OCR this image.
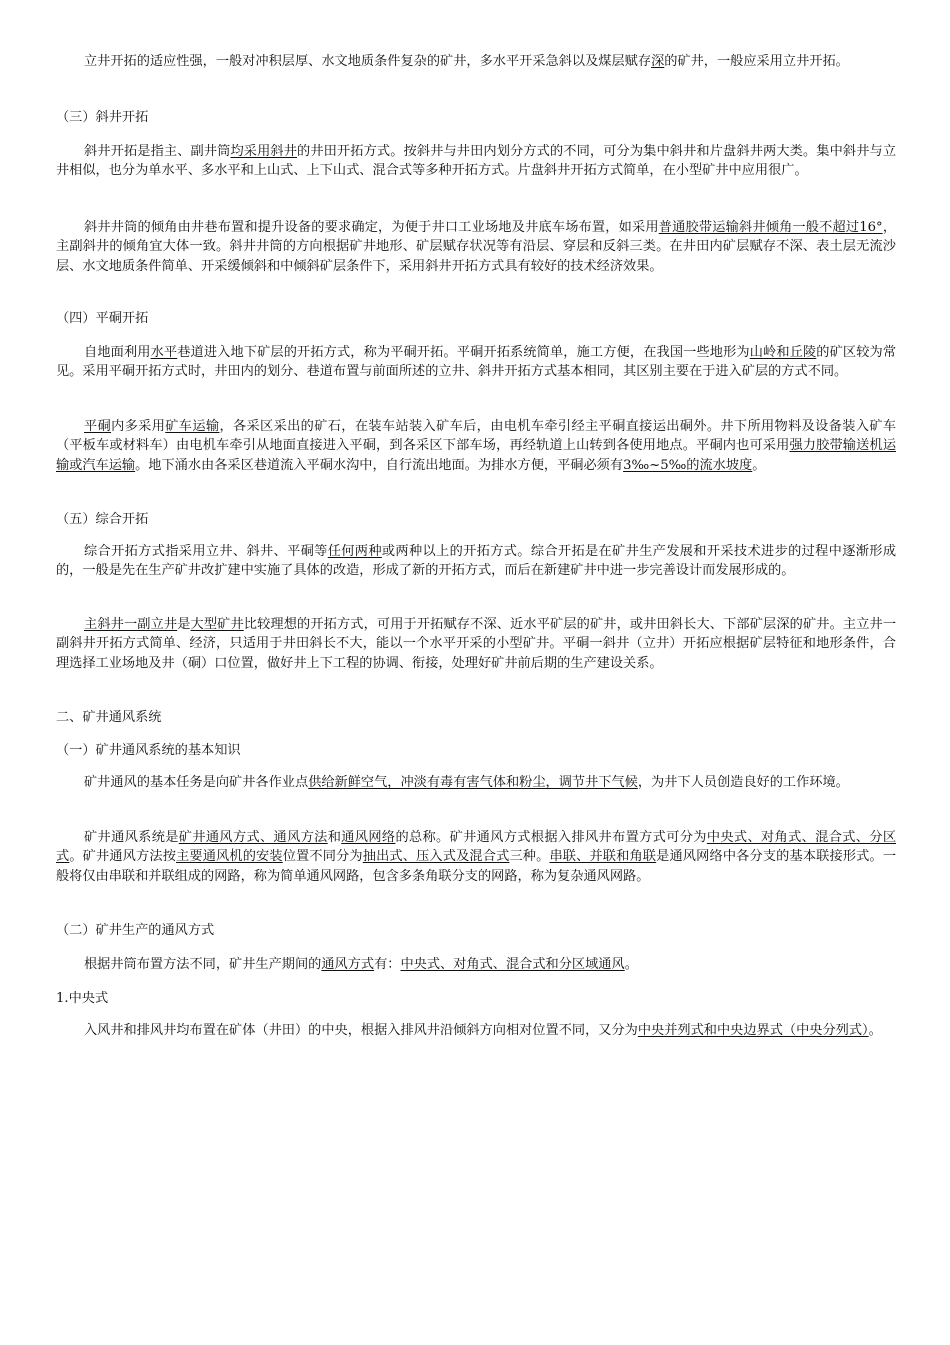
立井开拓的适应性强，一般对冲积层厚、水文地质条件复杂的矿井，多水平开采急斜以及煤层赋存深的矿井，一般应采用立井开拓。

（三）斜井开拓

斜井开拓是指主、副井筒均采用斜井的井田开拓方式。按斜井与井田内划分方式的不同，可分为集中斜井和片盘斜井两大类。集中斜井与立井相似，也分为单水平、多水平和上山式、上下山式、混合式等多种开拓方式。片盘斜井开拓方式简单，在小型矿井中应用很广。

斜井井筒的倾角由井巷布置和提升设备的要求确定，为便于井口工业场地及井底车场布置，如采用普通胶带运输斜井倾角一般不超过16°，主副斜井的倾角宜大体一致。斜井井筒的方向根据矿井地形、矿层赋存状况等有沿层、穿层和反斜三类。在井田内矿层赋存不深、表土层无流沙层、水文地质条件简单、开采缓倾斜和中倾斜矿层条件下，采用斜井开拓方式具有较好的技术经济效果。

（四）平硐开拓

自地面利用水平巷道进入地下矿层的开拓方式，称为平硐开拓。平硐开拓系统简单，施工方便，在我国一些地形为山岭和丘陵的矿区较为常见。采用平硐开拓方式时，井田内的划分、巷道布置与前面所述的立井、斜井开拓方式基本相同，其区别主要在于进入矿层的方式不同。

平硐内多采用矿车运输，各采区采出的矿石，在装车站装入矿车后，由电机车牵引经主平硐直接运出硐外。井下所用物料及设备装入矿车（平板车或材料车）由电机车牵引从地面直接进入平硐，到各采区下部车场，再经轨道上山转到各使用地点。平硐内也可采用强力胶带输送机运输或汽车运输。地下涌水由各采区巷道流入平硐水沟中，自行流出地面。为排水方便，平硐必须有3‰~5‰的流水坡度。

（五）综合开拓

综合开拓方式指采用立井、斜井、平硐等任何两种或两种以上的开拓方式。综合开拓是在矿井生产发展和开采技术进步的过程中逐渐形成的，一般是先在生产矿井改扩建中实施了具体的改造，形成了新的开拓方式，而后在新建矿井中进一步完善设计而发展形成的。

主斜井一副立井是大型矿井比较理想的开拓方式，可用于开拓赋存不深、近水平矿层的矿井，或井田斜长大、下部矿层深的矿井。主立井一副斜井开拓方式简单、经济，只适用于井田斜长不大，能以一个水平开采的小型矿井。平硐一斜井（立井）开拓应根据矿层特征和地形条件，合理选择工业场地及井（硐）口位置，做好井上下工程的协调、衔接，处理好矿井前后期的生产建设关系。

二、矿井通风系统
（一）矿井通风系统的基本知识

矿井通风的基本任务是向矿井各作业点供给新鲜空气，冲淡有毒有害气体和粉尘，调节井下气候，为井下人员创造良好的工作环境。

矿井通风系统是矿井通风方式、通风方法和通风网络的总称。矿井通风方式根据入排风井布置方式可分为中央式、对角式、混合式、分区式。矿井通风方法按主要通风机的安装位置不同分为抽出式、压入式及混合式三种。串联、并联和角联是通风网络中各分支的基本联接形式。一般将仅由串联和并联组成的网路，称为简单通风网路，包含多条角联分支的网路，称为复杂通风网路。

（二）矿井生产的通风方式

根据井筒布置方法不同，矿井生产期间的通风方式有：中央式、对角式、混合式和分区域通风。

1.中央式

入风井和排风井均布置在矿体（井田）的中央，根据入排风井沿倾斜方向相对位置不同，又分为中央并列式和中央边界式（中央分列式）。
